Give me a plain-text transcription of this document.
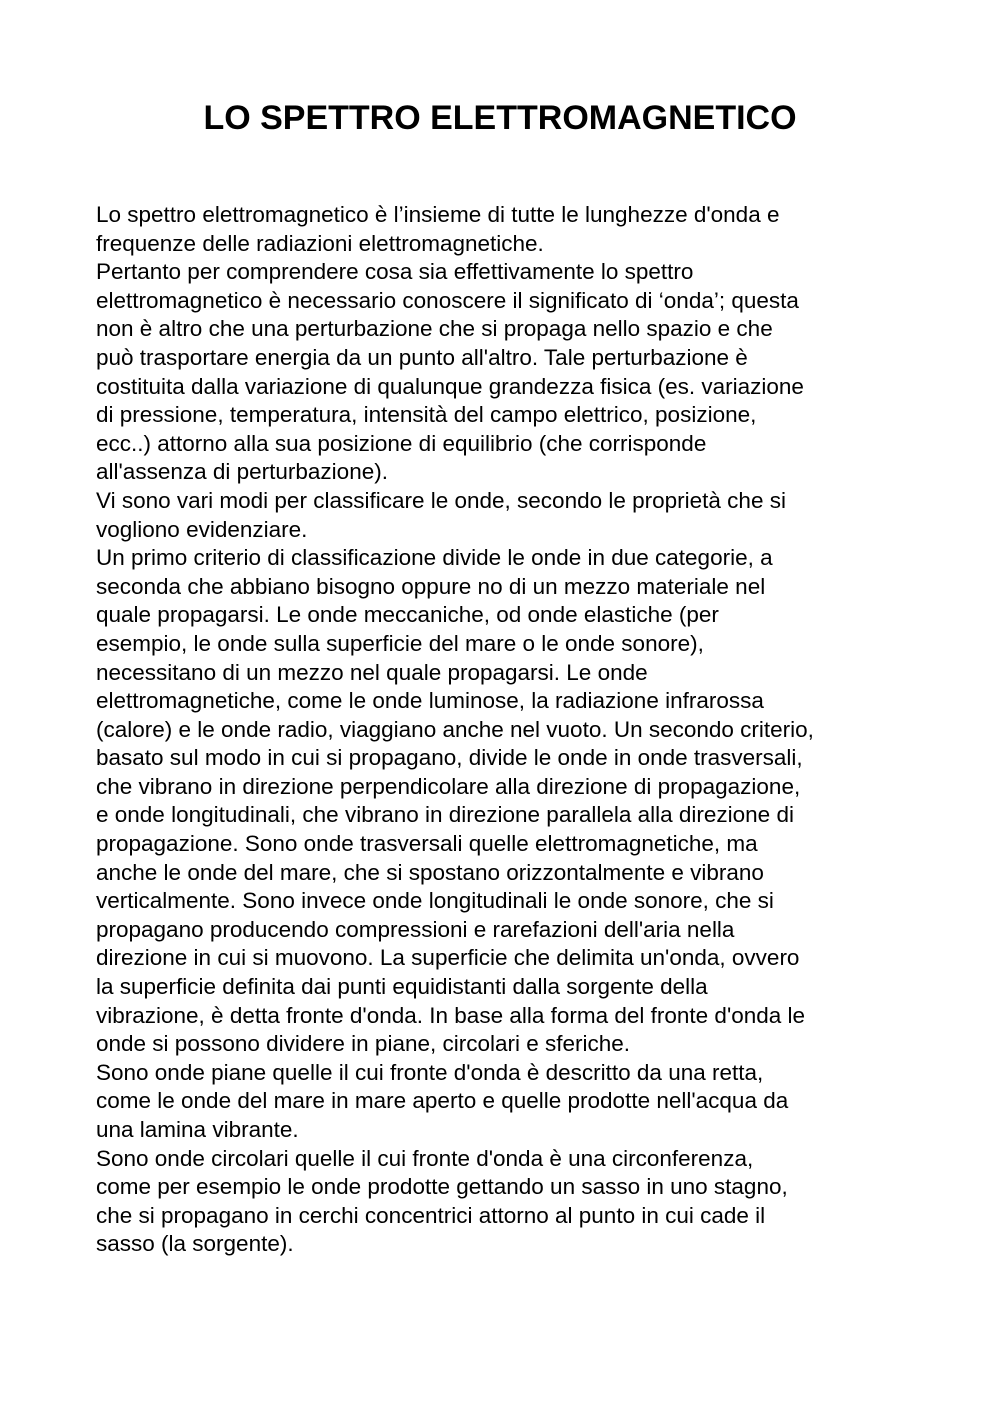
LO SPETTRO ELETTROMAGNETICO
Lo spettro elettromagnetico è l’insieme di tutte le lunghezze d'onda e
frequenze delle radiazioni elettromagnetiche.
Pertanto per comprendere cosa sia effettivamente lo spettro
elettromagnetico è necessario conoscere il significato di ‘onda’; questa
non è altro che una perturbazione che si propaga nello spazio e che
può trasportare energia da un punto all'altro. Tale perturbazione è
costituita dalla variazione di qualunque grandezza fisica (es. variazione
di pressione, temperatura, intensità del campo elettrico, posizione,
ecc..) attorno alla sua posizione di equilibrio (che corrisponde
all'assenza di perturbazione).
Vi sono vari modi per classificare le onde, secondo le proprietà che si
vogliono evidenziare.
Un primo criterio di classificazione divide le onde in due categorie, a
seconda che abbiano bisogno oppure no di un mezzo materiale nel
quale propagarsi. Le onde meccaniche, od onde elastiche (per
esempio, le onde sulla superficie del mare o le onde sonore),
necessitano di un mezzo nel quale propagarsi. Le onde
elettromagnetiche, come le onde luminose, la radiazione infrarossa
(calore) e le onde radio, viaggiano anche nel vuoto. Un secondo criterio,
basato sul modo in cui si propagano, divide le onde in onde trasversali,
che vibrano in direzione perpendicolare alla direzione di propagazione,
e onde longitudinali, che vibrano in direzione parallela alla direzione di
propagazione. Sono onde trasversali quelle elettromagnetiche, ma
anche le onde del mare, che si spostano orizzontalmente e vibrano
verticalmente. Sono invece onde longitudinali le onde sonore, che si
propagano producendo compressioni e rarefazioni dell'aria nella
direzione in cui si muovono. La superficie che delimita un'onda, ovvero
la superficie definita dai punti equidistanti dalla sorgente della
vibrazione, è detta fronte d'onda. In base alla forma del fronte d'onda le
onde si possono dividere in piane, circolari e sferiche.
Sono onde piane quelle il cui fronte d'onda è descritto da una retta,
come le onde del mare in mare aperto e quelle prodotte nell'acqua da
una lamina vibrante.
Sono onde circolari quelle il cui fronte d'onda è una circonferenza,
come per esempio le onde prodotte gettando un sasso in uno stagno,
che si propagano in cerchi concentrici attorno al punto in cui cade il
sasso (la sorgente).
